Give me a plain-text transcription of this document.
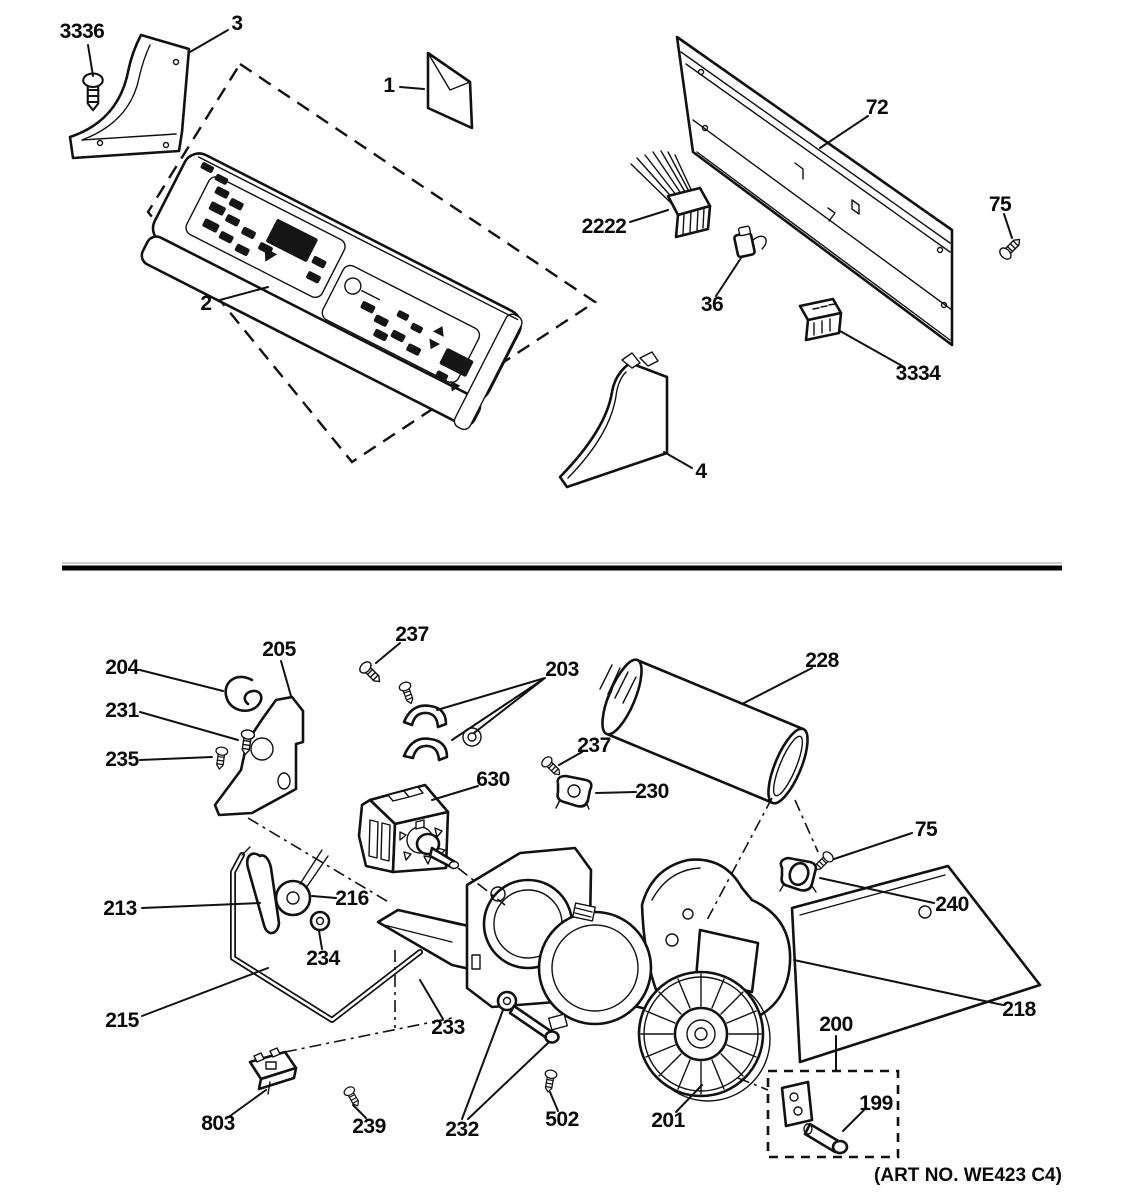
3336	3
1
2
72
2222
36
75
3334
4
204
205
231
235
237
203
630
237
230
228
75
240
218
213	216
234
215	233
803	239	232	502	201
200
199
(ART NO. WE423 C4)
